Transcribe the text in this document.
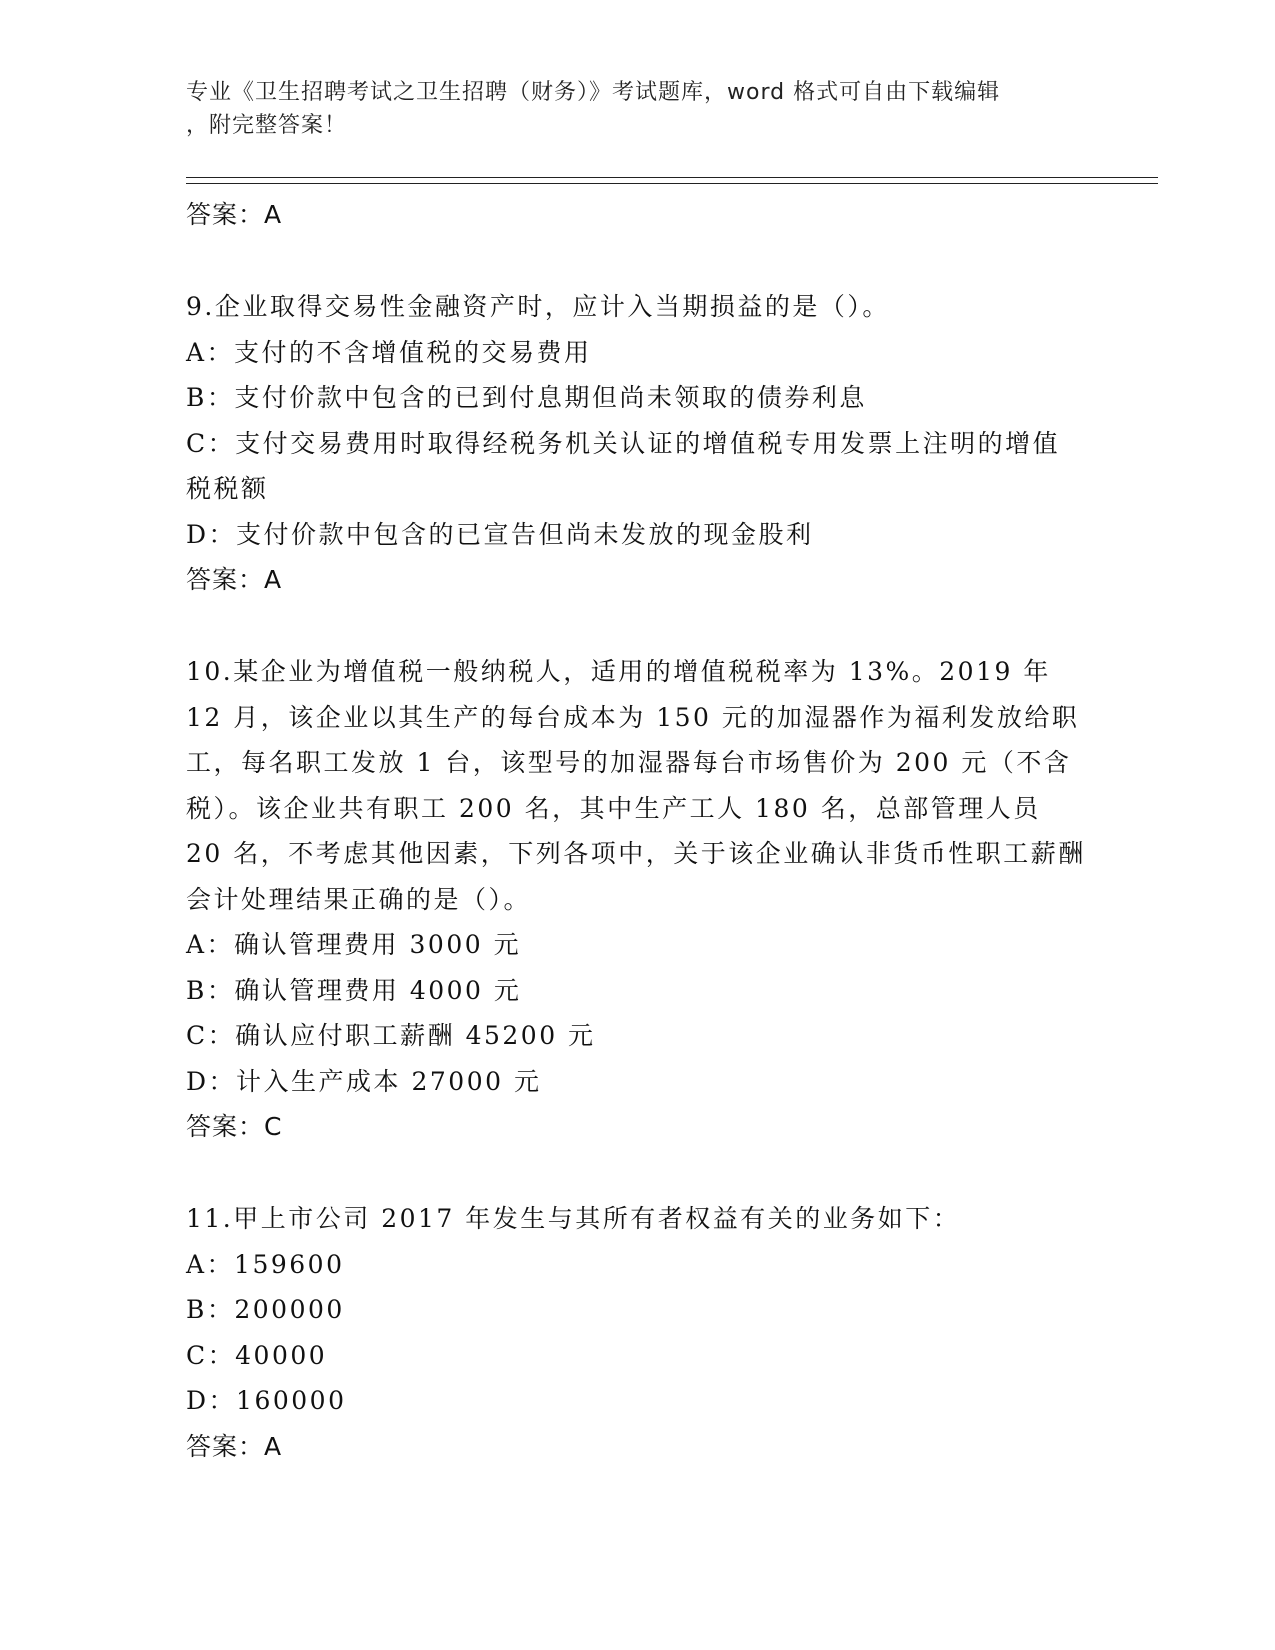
专业《卫生招聘考试之卫生招聘（财务）》考试题库，word 格式可自由下载编辑
，附完整答案！

答案：A

9.企业取得交易性金融资产时，应计入当期损益的是（）。

A：支付的不含增值税的交易费用

B：支付价款中包含的已到付息期但尚未领取的债券利息

C：支付交易费用时取得经税务机关认证的增值税专用发票上注明的增值税税额

D：支付价款中包含的已宣告但尚未发放的现金股利

答案：A

10.某企业为增值税一般纳税人，适用的增值税税率为 13%。2019 年 12 月，该企业以其生产的每台成本为 150 元的加湿器作为福利发放给职工，每名职工发放 1 台，该型号的加湿器每台市场售价为 200 元（不含税）。该企业共有职工 200 名，其中生产工人 180 名，总部管理人员 20 名，不考虑其他因素，下列各项中，关于该企业确认非货币性职工薪酬会计处理结果正确的是（）。

A：确认管理费用 3000 元

B：确认管理费用 4000 元

C：确认应付职工薪酬 45200 元

D：计入生产成本 27000 元

答案：C

11.甲上市公司 2017 年发生与其所有者权益有关的业务如下：

A：159600

B：200000

C：40000

D：160000

答案：A
